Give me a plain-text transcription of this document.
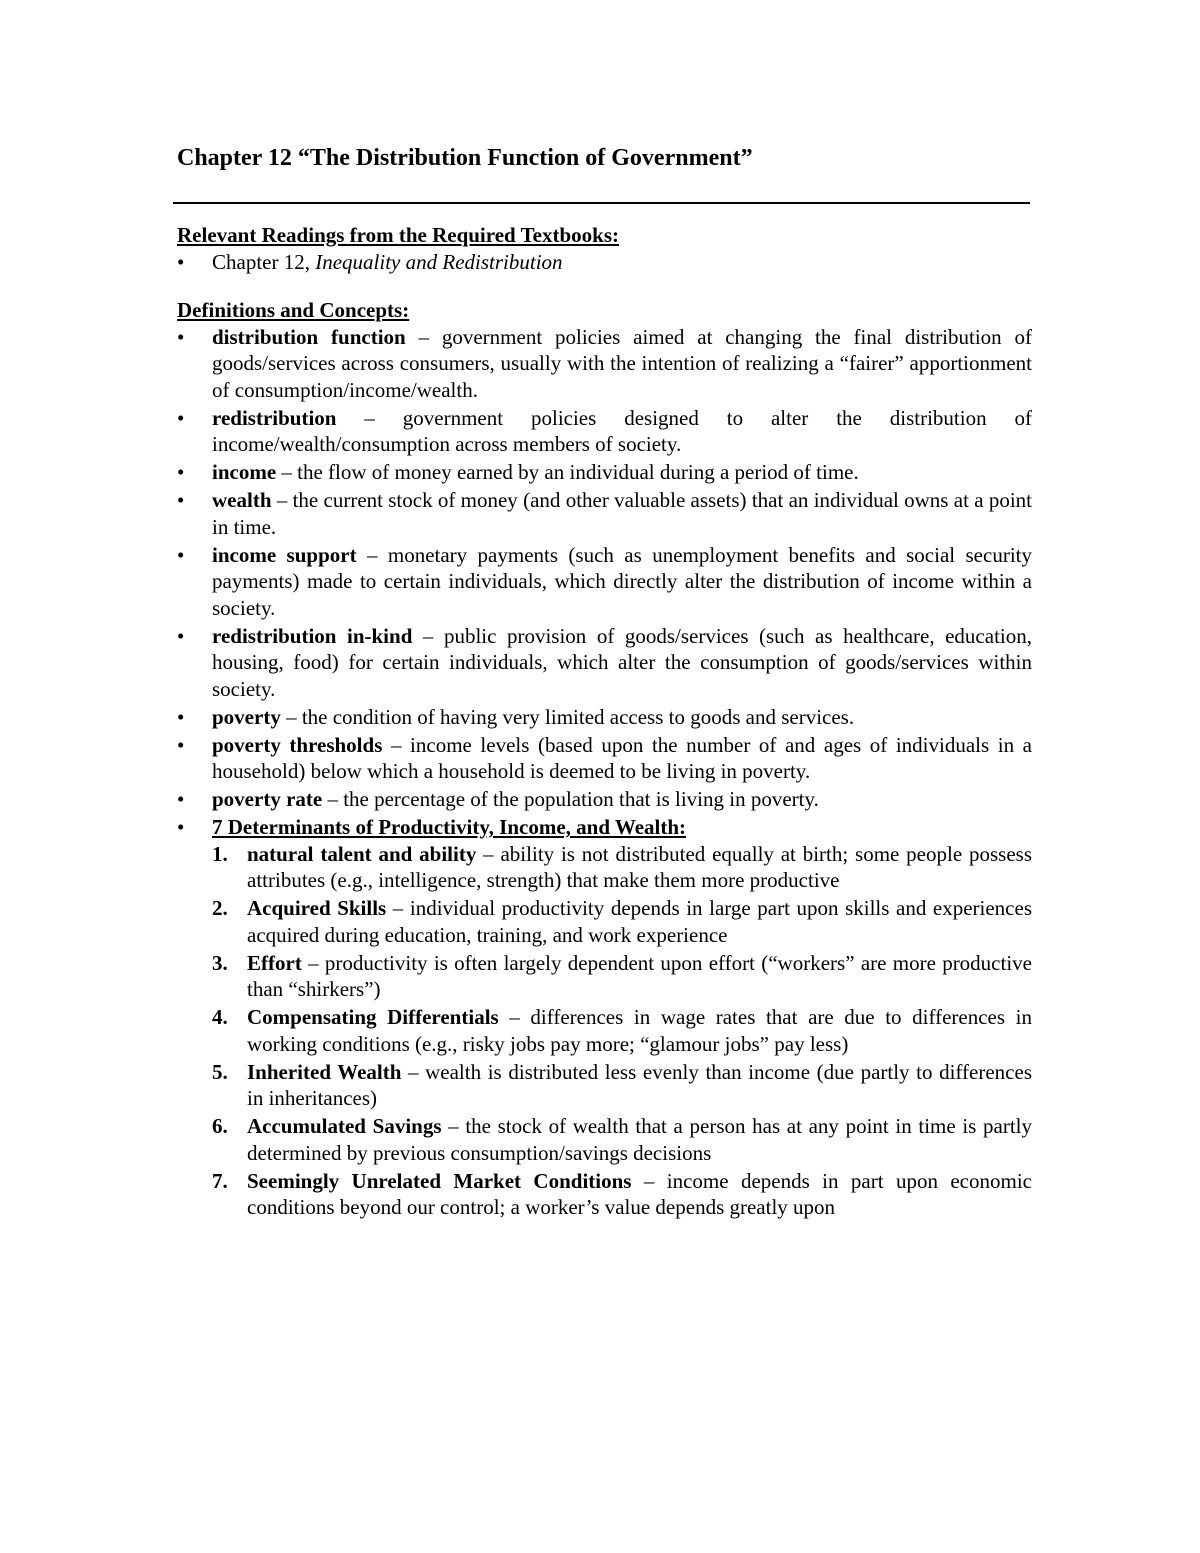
Chapter 12 “The Distribution Function of Government”
Relevant Readings from the Required Textbooks:
•	Chapter 12, Inequality and Redistribution
Definitions and Concepts:
•	distribution function – government policies aimed at changing the final distribution of goods/services across consumers, usually with the intention of realizing a “fairer” apportionment of consumption/income/wealth.
•	redistribution – government policies designed to alter the distribution of income/wealth/consumption across members of society.
•	income – the flow of money earned by an individual during a period of time.
•	wealth – the current stock of money (and other valuable assets) that an individual owns at a point in time.
•	income support – monetary payments (such as unemployment benefits and social security payments) made to certain individuals, which directly alter the distribution of income within a society.
•	redistribution in-kind – public provision of goods/services (such as healthcare, education, housing, food) for certain individuals, which alter the consumption of goods/services within society.
•	poverty – the condition of having very limited access to goods and services.
•	poverty thresholds – income levels (based upon the number of and ages of individuals in a household) below which a household is deemed to be living in poverty.
•	poverty rate – the percentage of the population that is living in poverty.
•	7 Determinants of Productivity, Income, and Wealth:
1. natural talent and ability – ability is not distributed equally at birth; some people possess attributes (e.g., intelligence, strength) that make them more productive
2. Acquired Skills – individual productivity depends in large part upon skills and experiences acquired during education, training, and work experience
3. Effort – productivity is often largely dependent upon effort (“workers” are more productive than “shirkers”)
4. Compensating Differentials – differences in wage rates that are due to differences in working conditions (e.g., risky jobs pay more; “glamour jobs” pay less)
5. Inherited Wealth – wealth is distributed less evenly than income (due partly to differences in inheritances)
6. Accumulated Savings – the stock of wealth that a person has at any point in time is partly determined by previous consumption/savings decisions
7. Seemingly Unrelated Market Conditions – income depends in part upon economic conditions beyond our control; a worker’s value depends greatly upon
